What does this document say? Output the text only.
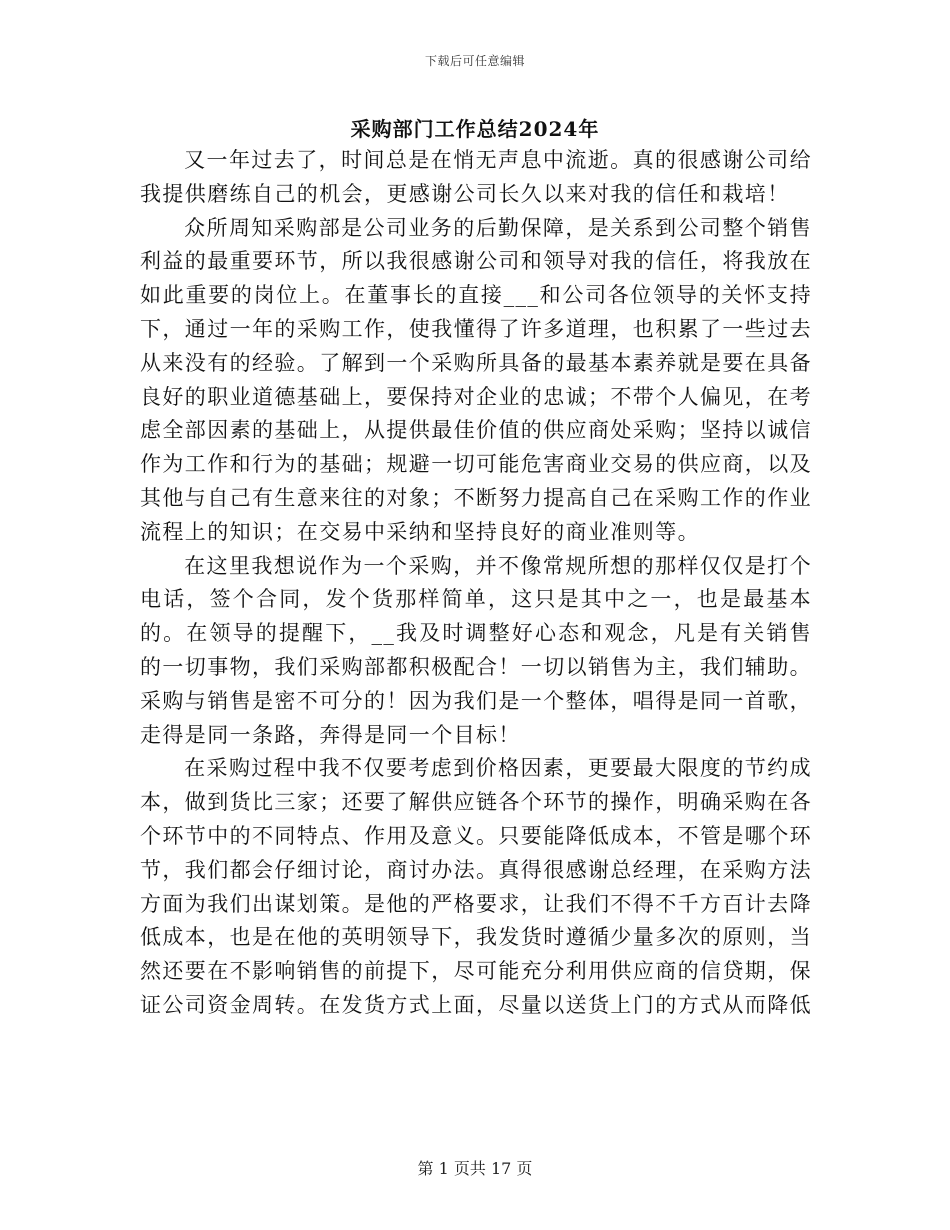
下载后可任意编辑
采购部门工作总结2024年

又一年过去了，时间总是在悄无声息中流逝。真的很感谢公司给我提供磨练自己的机会，更感谢公司长久以来对我的信任和栽培！

众所周知采购部是公司业务的后勤保障，是关系到公司整个销售利益的最重要环节，所以我很感谢公司和领导对我的信任，将我放在如此重要的岗位上。在董事长的直接___和公司各位领导的关怀支持下，通过一年的采购工作，使我懂得了许多道理，也积累了一些过去从来没有的经验。了解到一个采购所具备的最基本素养就是要在具备良好的职业道德基础上，要保持对企业的忠诚；不带个人偏见，在考虑全部因素的基础上，从提供最佳价值的供应商处采购；坚持以诚信作为工作和行为的基础；规避一切可能危害商业交易的供应商，以及其他与自己有生意来往的对象；不断努力提高自己在采购工作的作业流程上的知识；在交易中采纳和坚持良好的商业准则等。

在这里我想说作为一个采购，并不像常规所想的那样仅仅是打个电话，签个合同，发个货那样简单，这只是其中之一，也是最基本的。在领导的提醒下，__我及时调整好心态和观念，凡是有关销售的一切事物，我们采购部都积极配合！一切以销售为主，我们辅助。采购与销售是密不可分的！因为我们是一个整体，唱得是同一首歌，走得是同一条路，奔得是同一个目标！

在采购过程中我不仅要考虑到价格因素，更要最大限度的节约成本，做到货比三家；还要了解供应链各个环节的操作，明确采购在各个环节中的不同特点、作用及意义。只要能降低成本，不管是哪个环节，我们都会仔细讨论，商讨办法。真得很感谢总经理，在采购方法方面为我们出谋划策。是他的严格要求，让我们不得不千方百计去降低成本，也是在他的英明领导下，我发货时遵循少量多次的原则，当然还要在不影响销售的前提下，尽可能充分利用供应商的信贷期，保证公司资金周转。在发货方式上面，尽量以送货上门的方式从而降低

第 1 页共 17 页
